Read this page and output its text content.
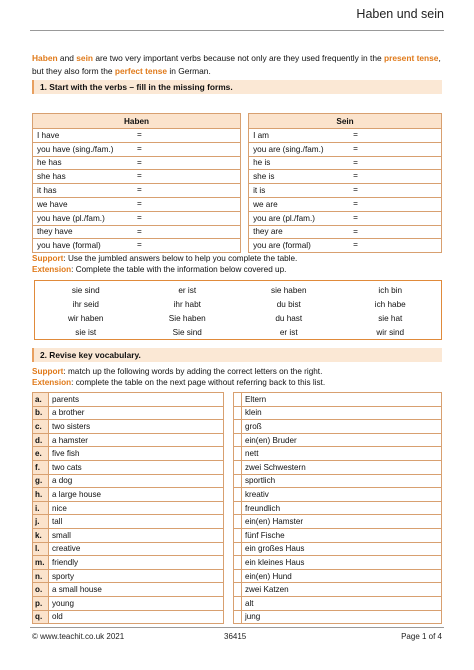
Haben und sein

Haben and sein are two very important verbs because not only are they used frequently in the present tense, but they also form the perfect tense in German.

1. Start with the verbs – fill in the missing forms.
Haben		Sein
I have =		I am =

you have (sing./fam.) =		you are (sing./fam.) =

he has =		he is =

she has =		she is =

it has =		it is =

we have =		we are =

you have (pl./fam.) =		you are (pl./fam.) =

they have =		they are =

you have (formal) =		you are (formal) =
Support: Use the jumbled answers below to help you complete the table.
Extension: Complete the table with the information below covered up.
sie sind	er ist	sie haben	ich bin
ihr seid	ihr habt	du bist	ich habe
wir haben	Sie haben	du hast	sie hat
sie ist	Sie sind	er ist	wir sind
2. Revise key vocabulary.
Support: match up the following words by adding the correct letters on the right.
Extension: complete the table on the next page without referring back to this list.
a.	parents			Eltern
b.	a brother			klein
c.	two sisters			groß
d.	a hamster			ein(en) Bruder
e.	five fish			nett
f.	two cats			zwei Schwestern
g.	a dog			sportlich
h.	a large house			kreativ
i.	nice			freundlich
j.	tall			ein(en) Hamster
k.	small			fünf Fische
l.	creative			ein großes Haus
m.	friendly			ein kleines Haus
n.	sporty			ein(en) Hund
o.	a small house			zwei Katzen
p.	young			alt
q.	old			jung
© www.teachit.co.uk 2021	36415	Page 1 of 4
